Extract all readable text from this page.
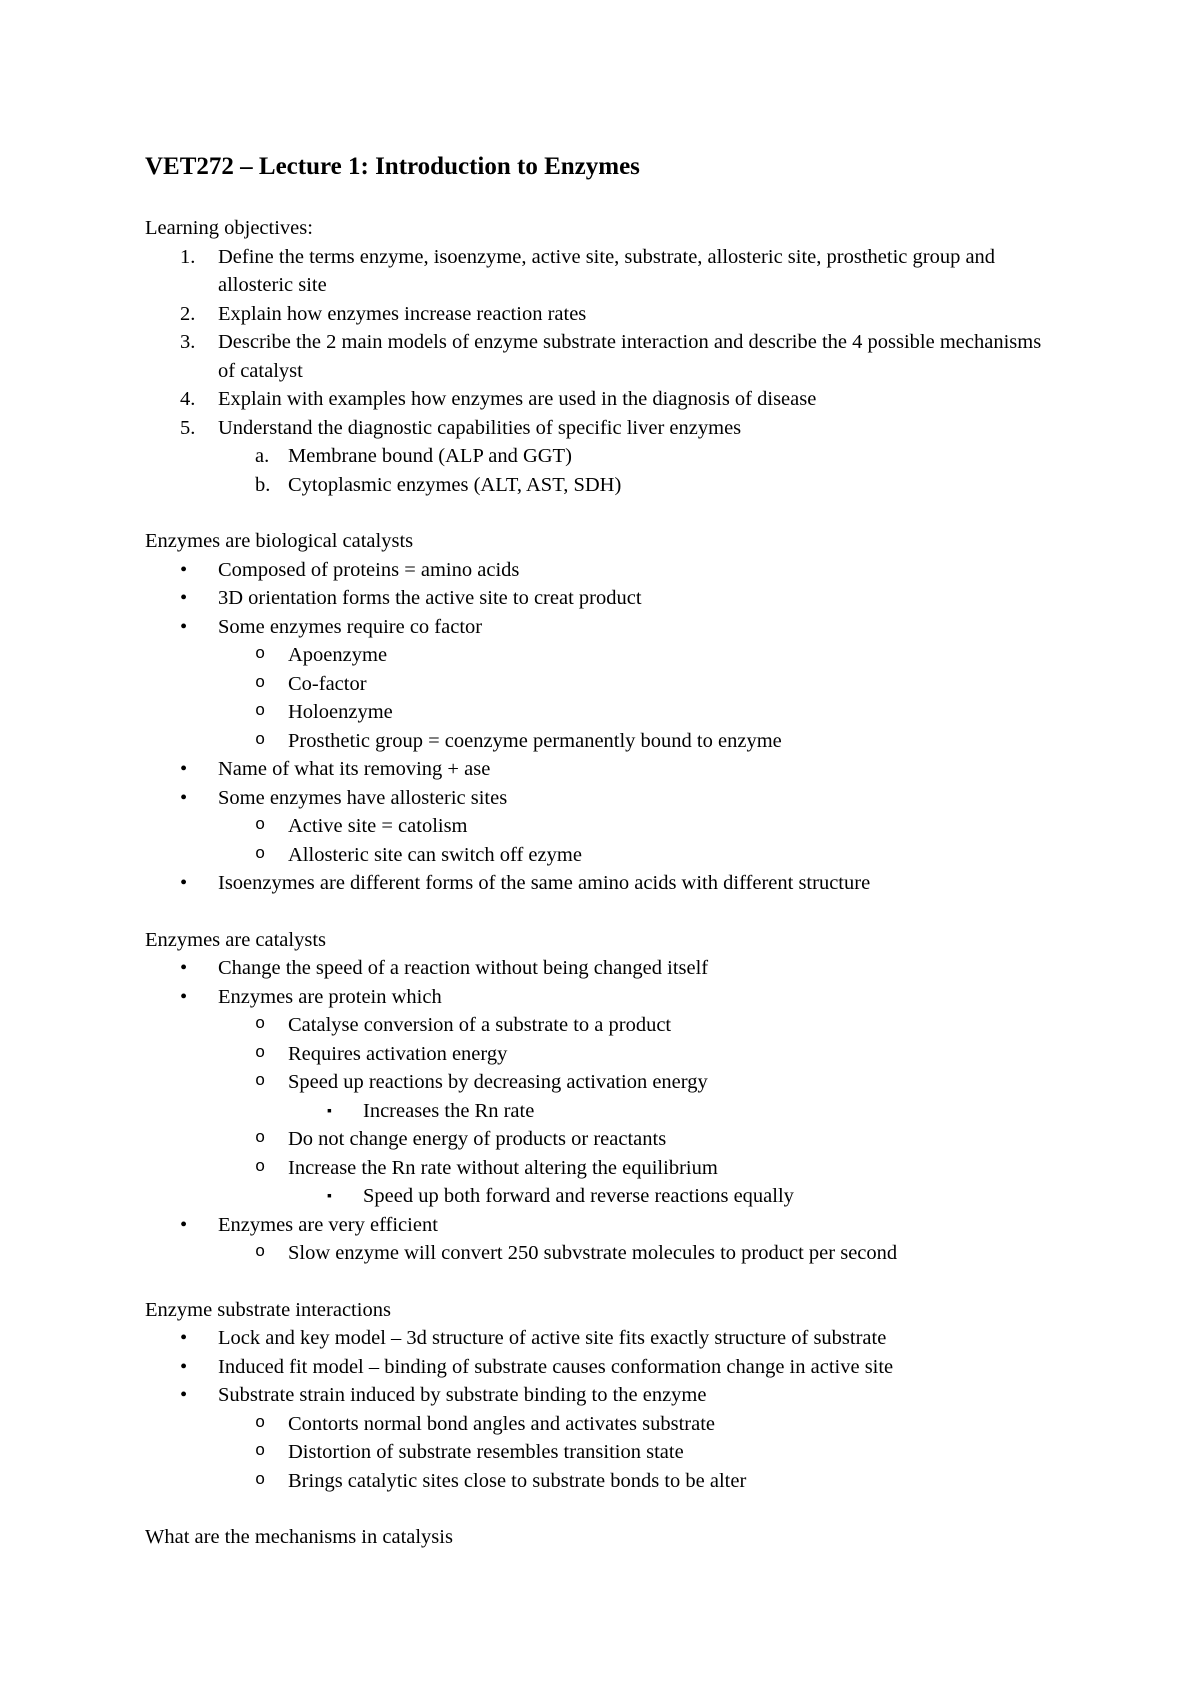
VET272 – Lecture 1: Introduction to Enzymes
Learning objectives:
1. Define the terms enzyme, isoenzyme, active site, substrate, allosteric site, prosthetic group and allosteric site
2. Explain how enzymes increase reaction rates
3. Describe the 2 main models of enzyme substrate interaction and describe the 4 possible mechanisms of catalyst
4. Explain with examples how enzymes are used in the diagnosis of disease
5. Understand the diagnostic capabilities of specific liver enzymes
a. Membrane bound (ALP and GGT)
b. Cytoplasmic enzymes (ALT, AST, SDH)
Enzymes are biological catalysts
• Composed of proteins = amino acids
• 3D orientation forms the active site to creat product
• Some enzymes require co factor
o Apoenzyme
o Co-factor
o Holoenzyme
o Prosthetic group = coenzyme permanently bound to enzyme
• Name of what its removing + ase
• Some enzymes have allosteric sites
o Active site = catolism
o Allosteric site can switch off ezyme
• Isoenzymes are different forms of the same amino acids with different structure
Enzymes are catalysts
• Change the speed of a reaction without being changed itself
• Enzymes are protein which
o Catalyse conversion of a substrate to a product
o Requires activation energy
o Speed up reactions by decreasing activation energy
▪ Increases the Rn rate
o Do not change energy of products or reactants
o Increase the Rn rate without altering the equilibrium
▪ Speed up both forward and reverse reactions equally
• Enzymes are very efficient
o Slow enzyme will convert 250 subvstrate molecules to product per second
Enzyme substrate interactions
• Lock and key model – 3d structure of active site fits exactly structure of substrate
• Induced fit model – binding of substrate causes conformation change in active site
• Substrate strain induced by substrate binding to the enzyme
o Contorts normal bond angles and activates substrate
o Distortion of substrate resembles transition state
o Brings catalytic sites close to substrate bonds to be alter
What are the mechanisms in catalysis
